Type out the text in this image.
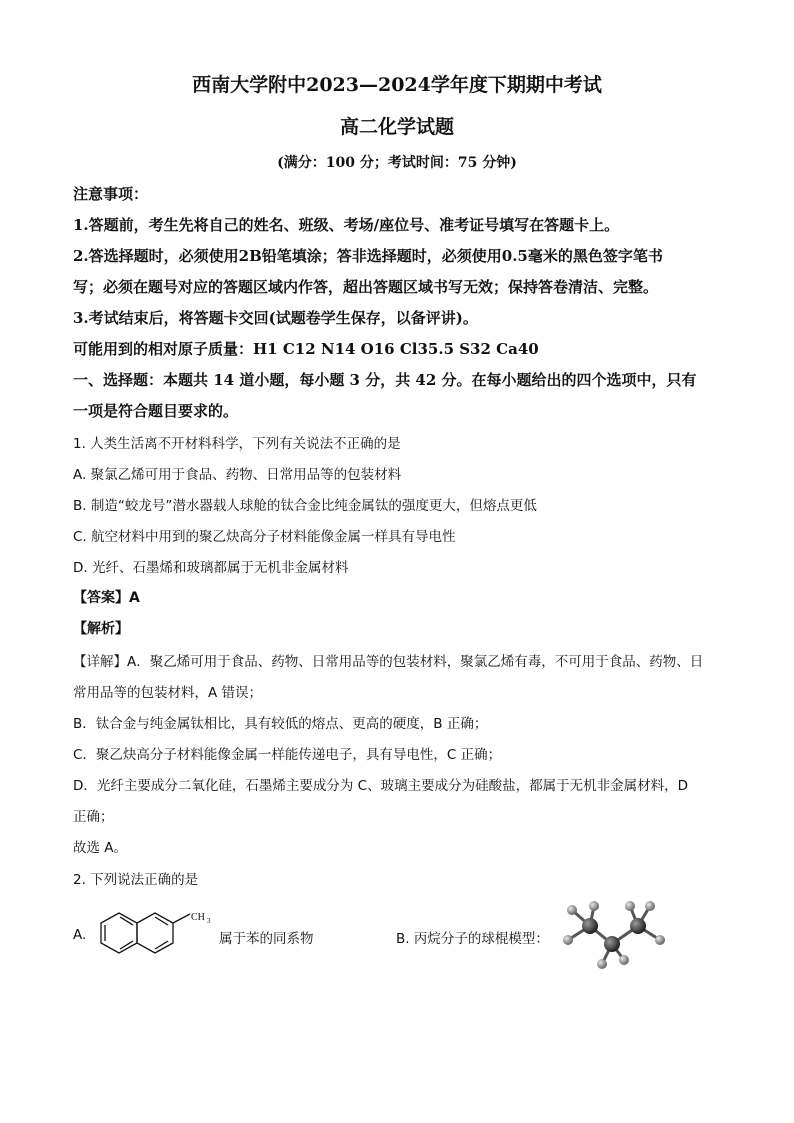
西南大学附中2023—2024学年度下期期中考试
高二化学试题
(满分：100 分；考试时间：75 分钟)
注意事项：
1.答题前，考生先将自己的姓名、班级、考场/座位号、准考证号填写在答题卡上。
2.答选择题时，必须使用2B铅笔填涂；答非选择题时，必须使用0.5毫米的黑色签字笔书
写；必须在题号对应的答题区域内作答，超出答题区域书写无效；保持答卷清洁、完整。
3.考试结束后，将答题卡交回(试题卷学生保存，以备评讲)。
可能用到的相对原子质量：H1 C12 N14 O16 Cl35.5 S32 Ca40
一、选择题：本题共 14 道小题，每小题 3 分，共 42 分。在每小题给出的四个选项中，只有
一项是符合题目要求的。
1. 人类生活离不开材料科学，下列有关说法不正确的是
A. 聚氯乙烯可用于食品、药物、日常用品等的包装材料
B. 制造“蛟龙号”潜水器载人球舱的钛合金比纯金属钛的强度更大，但熔点更低
C. 航空材料中用到的聚乙炔高分子材料能像金属一样具有导电性
D. 光纤、石墨烯和玻璃都属于无机非金属材料
【答案】A
【解析】
【详解】A．聚乙烯可用于食品、药物、日常用品等的包装材料，聚氯乙烯有毒，不可用于食品、药物、日
常用品等的包装材料，A 错误；
B．钛合金与纯金属钛相比，具有较低的熔点、更高的硬度，B 正确；
C．聚乙炔高分子材料能像金属一样能传递电子，具有导电性，C 正确；
D．光纤主要成分二氧化硅，石墨烯主要成分为 C、玻璃主要成分为硅酸盐，都属于无机非金属材料，D
正确；
故选 A。
2. 下列说法正确的是
A.
CH 3
属于苯的同系物	B. 丙烷分子的球棍模型：
